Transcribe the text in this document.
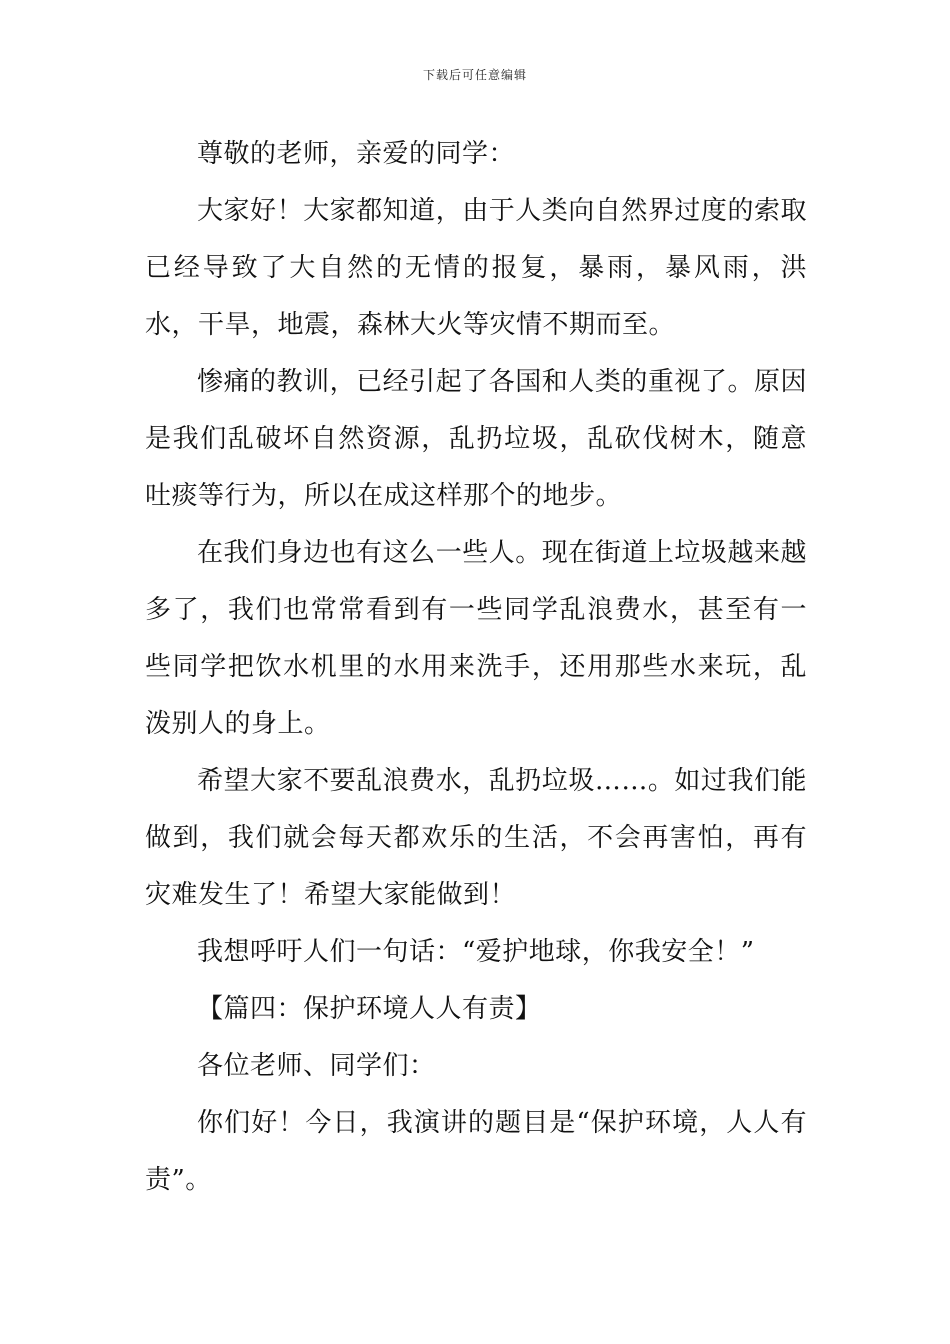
下载后可任意编辑

尊敬的老师，亲爱的同学：

大家好！大家都知道，由于人类向自然界过度的索取已经导致了大自然的无情的报复，暴雨，暴风雨，洪水，干旱，地震，森林大火等灾情不期而至。

惨痛的教训，已经引起了各国和人类的重视了。原因是我们乱破坏自然资源，乱扔垃圾，乱砍伐树木，随意吐痰等行为，所以在成这样那个的地步。

在我们身边也有这么一些人。现在街道上垃圾越来越多了，我们也常常看到有一些同学乱浪费水，甚至有一些同学把饮水机里的水用来洗手，还用那些水来玩，乱泼别人的身上。

希望大家不要乱浪费水，乱扔垃圾……。如过我们能做到，我们就会每天都欢乐的生活，不会再害怕，再有灾难发生了！希望大家能做到！

我想呼吁人们一句话：“爱护地球，你我安全！”

【篇四：保护环境人人有责】

各位老师、同学们：

你们好！今日，我演讲的题目是“保护环境，人人有责”。
